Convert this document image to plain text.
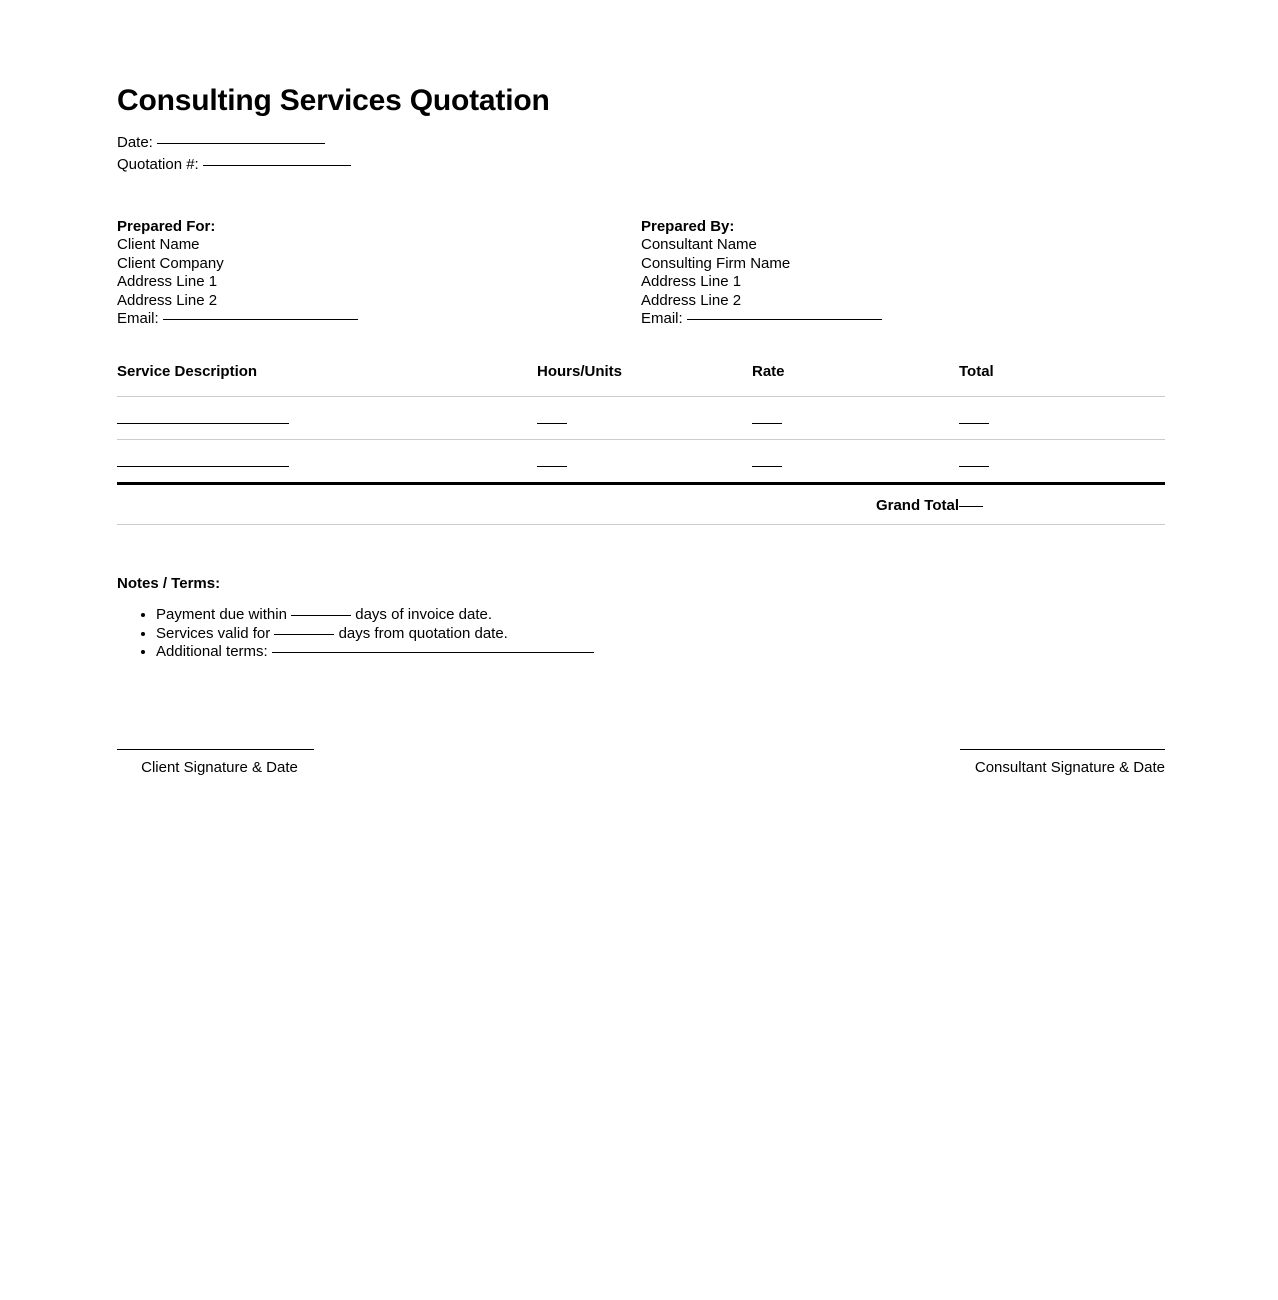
Consulting Services Quotation
Date:
Quotation #:
Prepared For:
Client Name
Client Company
Address Line 1
Address Line 2
Email:
Prepared By:
Consultant Name
Consulting Firm Name
Address Line 1
Address Line 2
Email:
Service Description	Hours/Units	Rate	Total

		Grand Total	
Notes / Terms:
• Payment due within	days of invoice date.
• Services valid for	days from quotation date.
• Additional terms:
Client Signature & Date	Consultant Signature & Date
